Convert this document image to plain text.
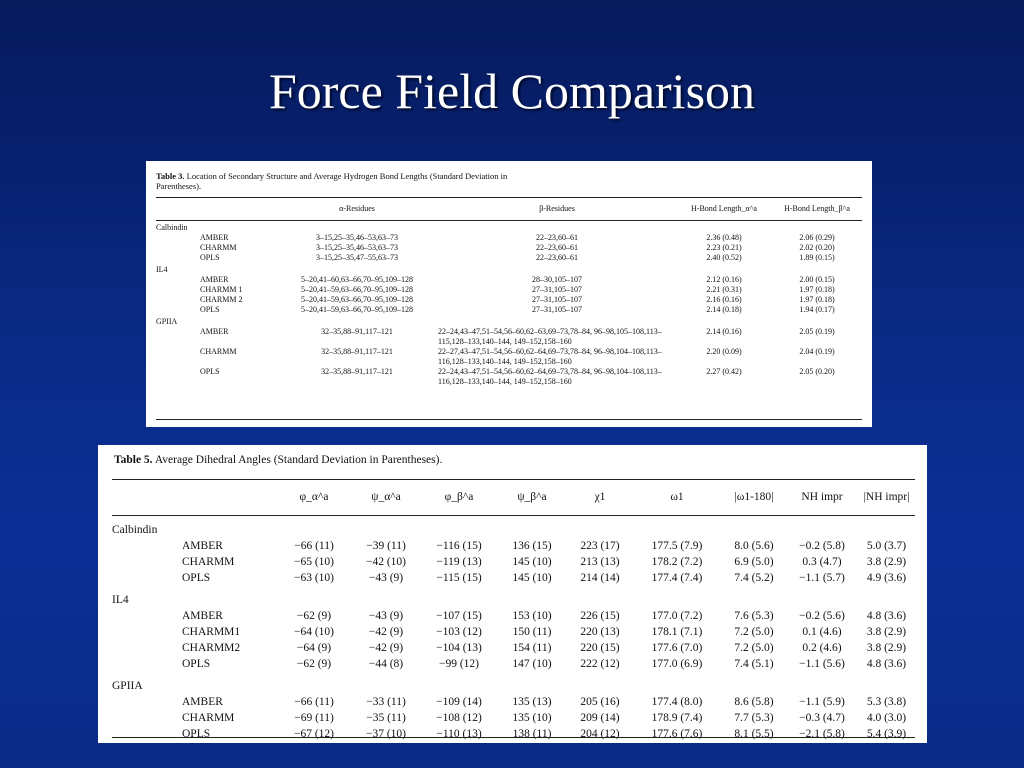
Force Field Comparison
Table 3. Location of Secondary Structure and Average Hydrogen Bond Lengths (Standard Deviation in Parentheses).
	α-Residues	β-Residues	H-Bond Length_α^a	H-Bond Length_β^a
Calbindin				
AMBER	3–15,25–35,46–53,63–73	22–23,60–61	2.36 (0.48)	2.06 (0.29)
CHARMM	3–15,25–35,46–53,63–73	22–23,60–61	2.23 (0.21)	2.02 (0.20)
OPLS	3–15,25–35,47–55,63–73	22–23,60–61	2.40 (0.52)	1.89 (0.15)
IL4				
AMBER	5–20,41–60,63–66,70–95,109–128	28–30,105–107	2.12 (0.16)	2.00 (0.15)
CHARMM 1	5–20,41–59,63–66,70–95,109–128	27–31,105–107	2.21 (0.31)	1.97 (0.18)
CHARMM 2	5–20,41–59,63–66,70–95,109–128	27–31,105–107	2.16 (0.16)	1.97 (0.18)
OPLS	5–20,41–59,63–66,70–95,109–128	27–31,105–107	2.14 (0.18)	1.94 (0.17)
GPIIA				
AMBER	32–35,88–91,117–121	22–24,43–47,51–54,56–60,62–63,69–73,78–84, 96–98,105–108,113–115,128–133,140–144, 149–152,158–160	2.14 (0.16)	2.05 (0.19)
CHARMM	32–35,88–91,117–121	22–27,43–47,51–54,56–60,62–64,69–73,78–84, 96–98,104–108,113–116,128–133,140–144, 149–152,158–160	2.20 (0.09)	2.04 (0.19)
OPLS	32–35,88–91,117–121	22–24,43–47,51–54,56–60,62–64,69–73,78–84, 96–98,104–108,113–116,128–133,140–144, 149–152,158–160	2.27 (0.42)	2.05 (0.20)
Table 5. Average Dihedral Angles (Standard Deviation in Parentheses).
	φ_α^a	ψ_α^a	φ_β^a	ψ_β^a	χ1	ω1	|ω1-180|	NH impr	|NH impr|
Calbindin									
AMBER	−66 (11)	−39 (11)	−116 (15)	136 (15)	223 (17)	177.5 (7.9)	8.0 (5.6)	−0.2 (5.8)	5.0 (3.7)
CHARMM	−65 (10)	−42 (10)	−119 (13)	145 (10)	213 (13)	178.2 (7.2)	6.9 (5.0)	0.3 (4.7)	3.8 (2.9)
OPLS	−63 (10)	−43 (9)	−115 (15)	145 (10)	214 (14)	177.4 (7.4)	7.4 (5.2)	−1.1 (5.7)	4.9 (3.6)
IL4									
AMBER	−62 (9)	−43 (9)	−107 (15)	153 (10)	226 (15)	177.0 (7.2)	7.6 (5.3)	−0.2 (5.6)	4.8 (3.6)
CHARMM1	−64 (10)	−42 (9)	−103 (12)	150 (11)	220 (13)	178.1 (7.1)	7.2 (5.0)	0.1 (4.6)	3.8 (2.9)
CHARMM2	−64 (9)	−42 (9)	−104 (13)	154 (11)	220 (15)	177.6 (7.0)	7.2 (5.0)	0.2 (4.6)	3.8 (2.9)
OPLS	−62 (9)	−44 (8)	−99 (12)	147 (10)	222 (12)	177.0 (6.9)	7.4 (5.1)	−1.1 (5.6)	4.8 (3.6)
GPIIA									
AMBER	−66 (11)	−33 (11)	−109 (14)	135 (13)	205 (16)	177.4 (8.0)	8.6 (5.8)	−1.1 (5.9)	5.3 (3.8)
CHARMM	−69 (11)	−35 (11)	−108 (12)	135 (10)	209 (14)	178.9 (7.4)	7.7 (5.3)	−0.3 (4.7)	4.0 (3.0)
OPLS	−67 (12)	−37 (10)	−110 (13)	138 (11)	204 (12)	177.6 (7.6)	8.1 (5.5)	−2.1 (5.8)	5.4 (3.9)
